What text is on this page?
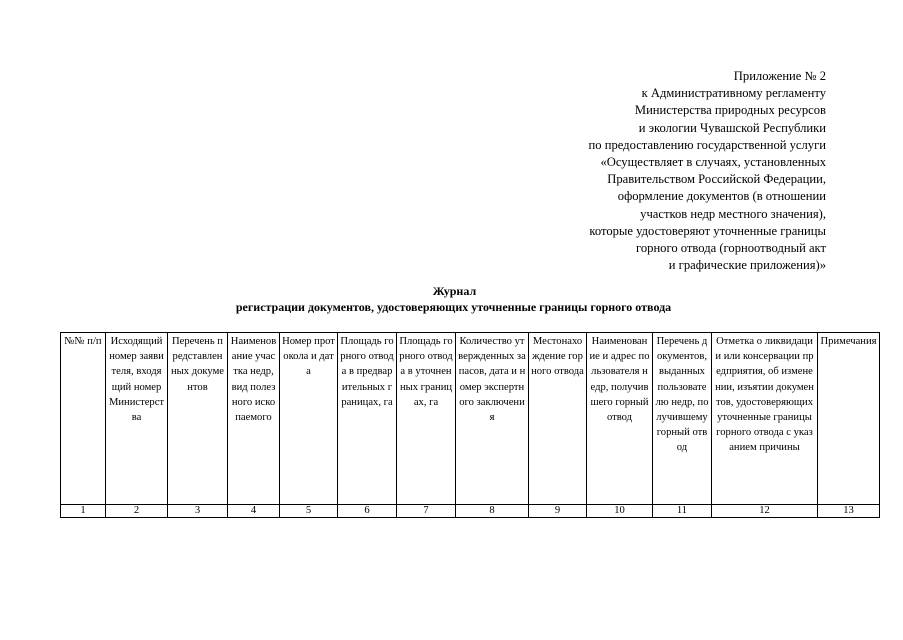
Приложение № 2
к Административному регламенту
Министерства природных ресурсов
и экологии Чувашской Республики
по предоставлению государственной услуги
«Осуществляет в случаях, установленных
Правительством Российской Федерации,
оформление документов (в отношении
участков недр местного значения),
которые удостоверяют уточненные границы
горного отвода (горноотводный акт
и графические приложения)»
Журнал
регистрации документов, удостоверяющих уточненные границы горного отвода
№№ п/п	Исходящий номер заявителя, входящий номер Министерства	Перечень представленных документов	Наименование участка недр, вид полезного ископаемого	Номер протокола и дата	Площадь горного отвода в предварительных границах, га	Площадь горного отвода в уточненных границах, га	Количество утвержденных запасов, дата и номер экспертного заключения	Местонахождение горного отвода	Наименование и адрес пользователя недр, получившего горный отвод	Перечень документов, выданных пользователю недр, получившему горный отвод	Отметка о ликвидации или консервации предприятия, об изменении, изъятии документов, удостоверяющих уточненные границы горного отвода с указанием причины	Примечания
1	2	3	4	5	6	7	8	9	10	11	12	13
